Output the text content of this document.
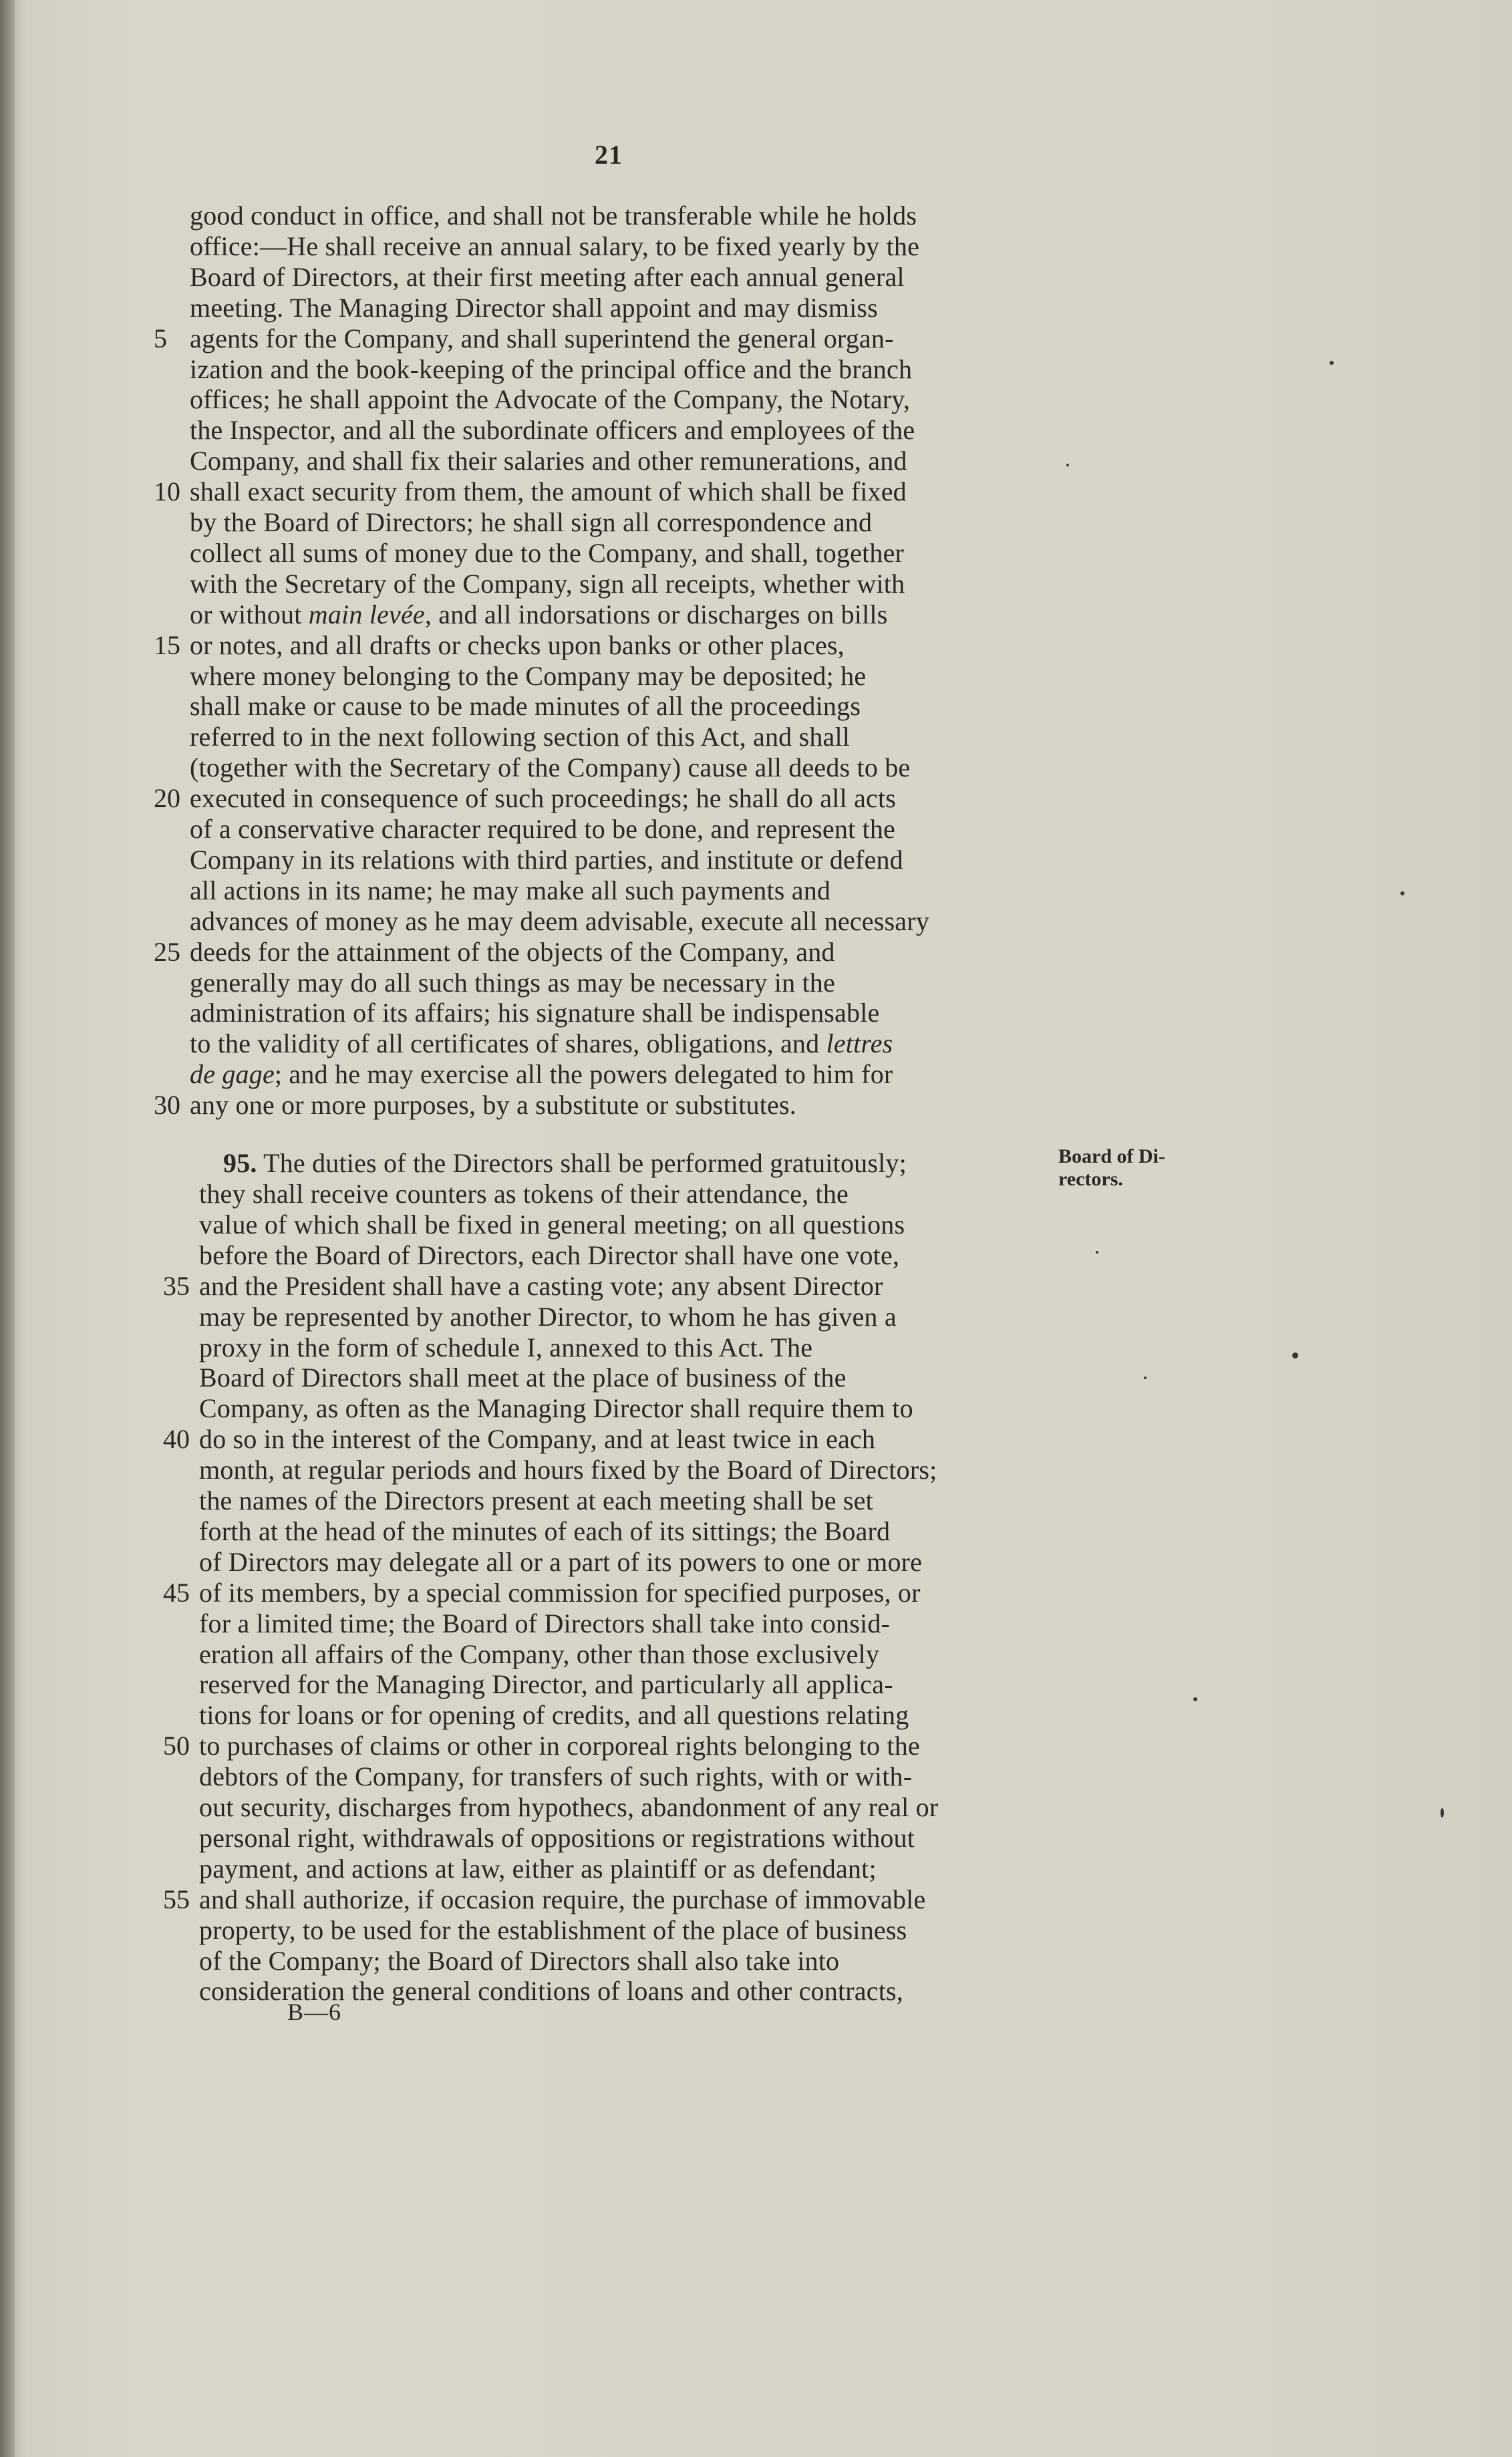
21
good conduct in office, and shall not be transferable while he holds
office:—He shall receive an annual salary, to be fixed yearly by the
Board of Directors, at their first meeting after each annual general
meeting. The Managing Director shall appoint and may dismiss
agents for the Company, and shall superintend the general organ-
5
ization and the book-keeping of the principal office and the branch
offices; he shall appoint the Advocate of the Company, the Notary,
the Inspector, and all the subordinate officers and employees of the
Company, and shall fix their salaries and other remunerations, and
shall exact security from them, the amount of which shall be fixed
10
by the Board of Directors; he shall sign all correspondence and
collect all sums of money due to the Company, and shall, together
with the Secretary of the Company, sign all receipts, whether with
or without main levée, and all indorsations or discharges on bills
or notes, and all drafts or checks upon banks or other places,
15
where money belonging to the Company may be deposited; he
shall make or cause to be made minutes of all the proceedings
referred to in the next following section of this Act, and shall
(together with the Secretary of the Company) cause all deeds to be
executed in consequence of such proceedings; he shall do all acts
20
of a conservative character required to be done, and represent the
Company in its relations with third parties, and institute or defend
all actions in its name; he may make all such payments and
advances of money as he may deem advisable, execute all necessary
deeds for the attainment of the objects of the Company, and
25
generally may do all such things as may be necessary in the
administration of its affairs; his signature shall be indispensable
to the validity of all certificates of shares, obligations, and lettres
de gage; and he may exercise all the powers delegated to him for
any one or more purposes, by a substitute or substitutes.
30
95. The duties of the Directors shall be performed gratuitously;
they shall receive counters as tokens of their attendance, the
value of which shall be fixed in general meeting; on all questions
before the Board of Directors, each Director shall have one vote,
and the President shall have a casting vote; any absent Director
35
may be represented by another Director, to whom he has given a
proxy in the form of schedule I, annexed to this Act. The
Board of Directors shall meet at the place of business of the
Company, as often as the Managing Director shall require them to
do so in the interest of the Company, and at least twice in each
40
month, at regular periods and hours fixed by the Board of Directors;
the names of the Directors present at each meeting shall be set
forth at the head of the minutes of each of its sittings; the Board
of Directors may delegate all or a part of its powers to one or more
of its members, by a special commission for specified purposes, or
45
for a limited time; the Board of Directors shall take into consid-
eration all affairs of the Company, other than those exclusively
reserved for the Managing Director, and particularly all applica-
tions for loans or for opening of credits, and all questions relating
to purchases of claims or other in corporeal rights belonging to the
50
debtors of the Company, for transfers of such rights, with or with-
out security, discharges from hypothecs, abandonment of any real or
personal right, withdrawals of oppositions or registrations without
payment, and actions at law, either as plaintiff or as defendant;
and shall authorize, if occasion require, the purchase of immovable
55
property, to be used for the establishment of the place of business
of the Company; the Board of Directors shall also take into
consideration the general conditions of loans and other contracts,
Board of Di-
rectors.
B—6
